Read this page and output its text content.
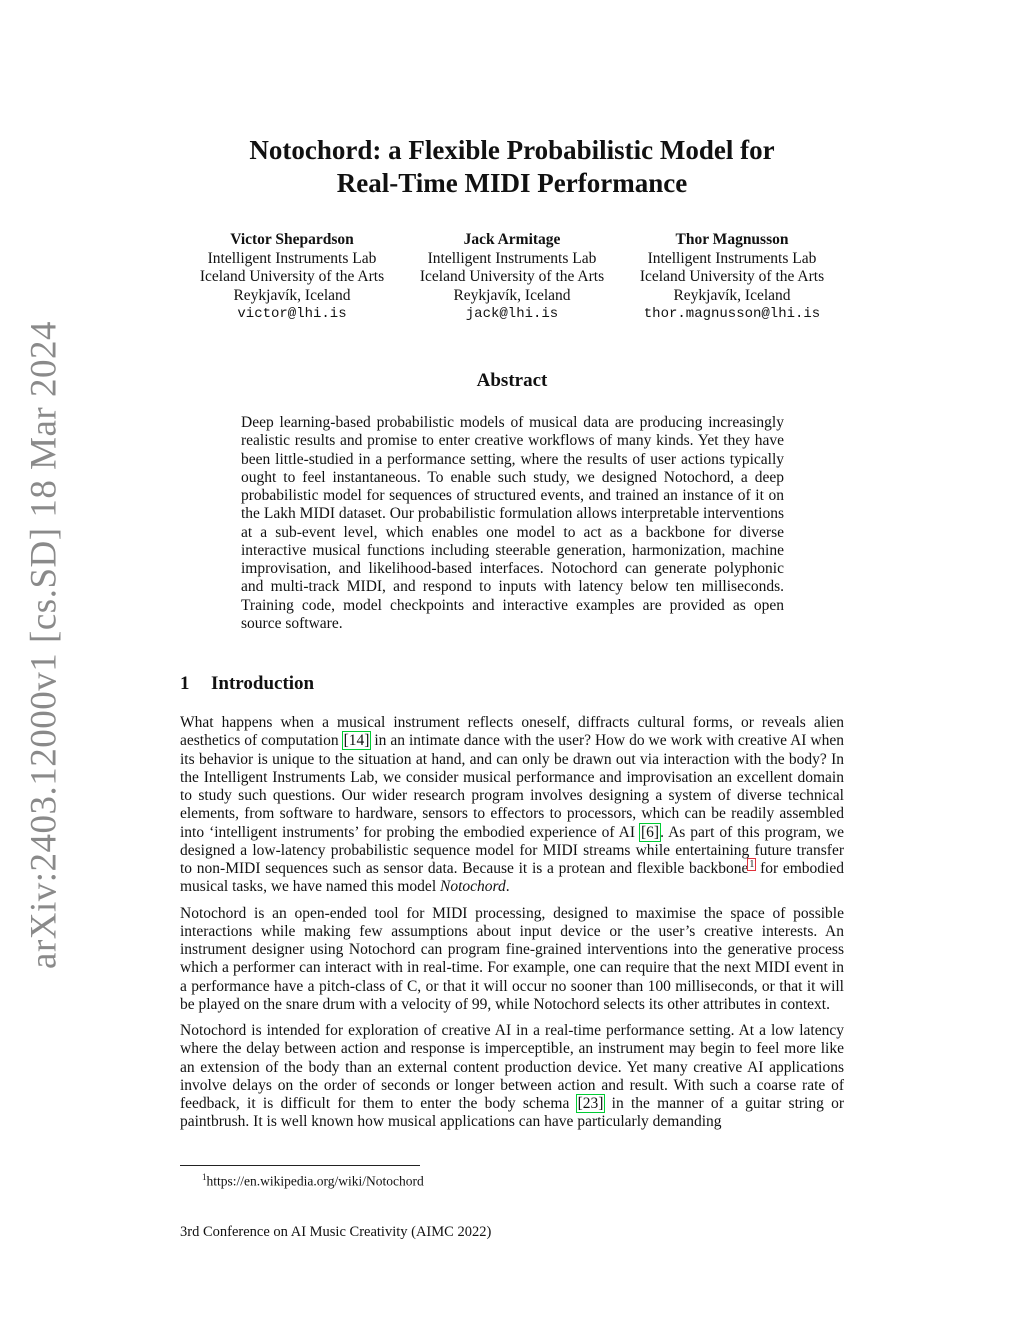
arXiv:2403.12000v1 [cs.SD] 18 Mar 2024
Notochord: a Flexible Probabilistic Model for
Real-Time MIDI Performance
Victor Shepardson
Intelligent Instruments Lab
Iceland University of the Arts
Reykjavík, Iceland
victor@lhi.is
Jack Armitage
Intelligent Instruments Lab
Iceland University of the Arts
Reykjavík, Iceland
jack@lhi.is
Thor Magnusson
Intelligent Instruments Lab
Iceland University of the Arts
Reykjavík, Iceland
thor.magnusson@lhi.is
Abstract
Deep learning-based probabilistic models of musical data are producing increasingly realistic results and promise to enter creative workflows of many kinds. Yet they have been little-studied in a performance setting, where the results of user actions typically ought to feel instantaneous. To enable such study, we designed Notochord, a deep probabilistic model for sequences of structured events, and trained an instance of it on the Lakh MIDI dataset. Our probabilistic formulation allows interpretable interventions at a sub-event level, which enables one model to act as a backbone for diverse interactive musical functions including steerable generation, harmonization, machine improvisation, and likelihood-based interfaces. Notochord can generate polyphonic and multi-track MIDI, and respond to inputs with latency below ten milliseconds. Training code, model checkpoints and interactive examples are provided as open source software.
1 Introduction

What happens when a musical instrument reflects oneself, diffracts cultural forms, or reveals alien aesthetics of computation [14] in an intimate dance with the user? How do we work with creative AI when its behavior is unique to the situation at hand, and can only be drawn out via interaction with the body? In the Intelligent Instruments Lab, we consider musical performance and improvisation an excellent domain to study such questions. Our wider research program involves designing a system of diverse technical elements, from software to hardware, sensors to effectors to processors, which can be readily assembled into ‘intelligent instruments’ for probing the embodied experience of AI [6]. As part of this program, we designed a low-latency probabilistic sequence model for MIDI streams while entertaining future transfer to non-MIDI sequences such as sensor data. Because it is a protean and flexible backbone$^1$ for embodied musical tasks, we have named this model Notochord.

Notochord is an open-ended tool for MIDI processing, designed to maximise the space of possible interactions while making few assumptions about input device or the user’s creative interests. An instrument designer using Notochord can program fine-grained interventions into the generative process which a performer can interact with in real-time. For example, one can require that the next MIDI event in a performance have a pitch-class of C, or that it will occur no sooner than 100 milliseconds, or that it will be played on the snare drum with a velocity of 99, while Notochord selects its other attributes in context.

Notochord is intended for exploration of creative AI in a real-time performance setting. At a low latency where the delay between action and response is imperceptible, an instrument may begin to feel more like an extension of the body than an external content production device. Yet many creative AI applications involve delays on the order of seconds or longer between action and result. With such a coarse rate of feedback, it is difficult for them to enter the body schema [23] in the manner of a guitar string or paintbrush. It is well known how musical applications can have particularly demanding

$^1$https://en.wikipedia.org/wiki/Notochord
3rd Conference on AI Music Creativity (AIMC 2022)
